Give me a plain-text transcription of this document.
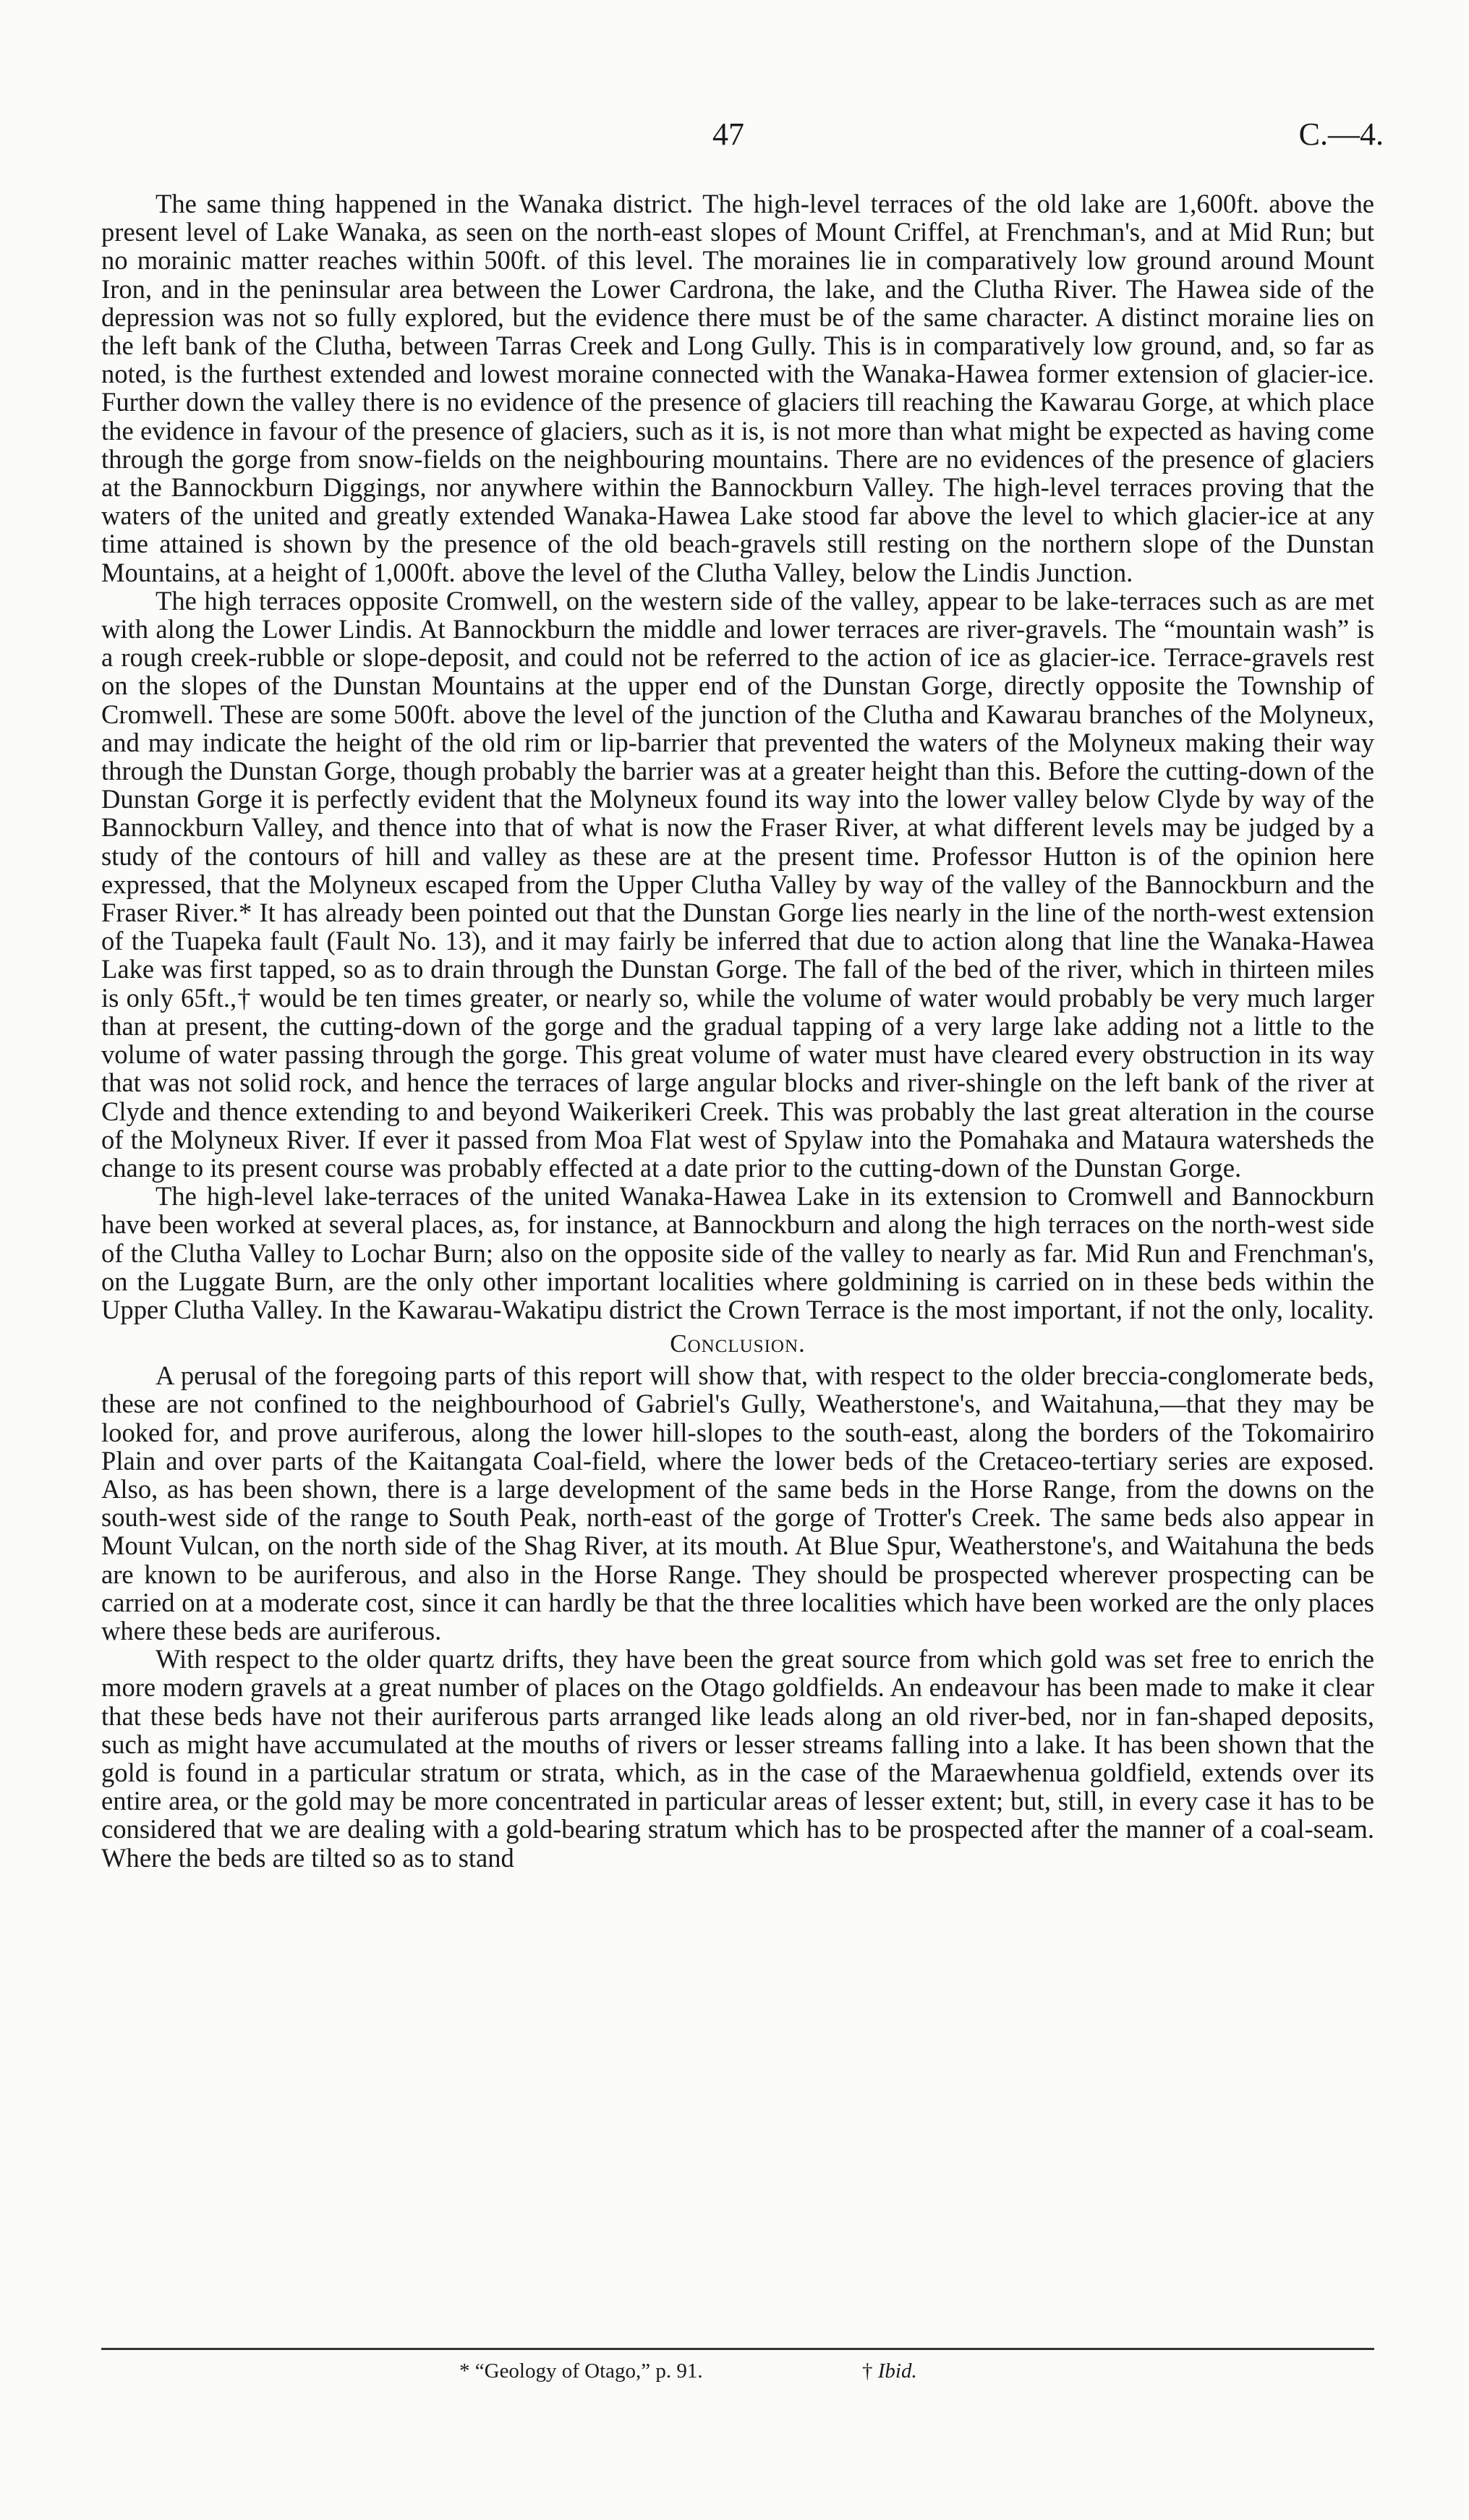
47	C.—4.

The same thing happened in the Wanaka district. The high-level terraces of the old lake are 1,600ft. above the present level of Lake Wanaka, as seen on the north-east slopes of Mount Criffel, at Frenchman's, and at Mid Run; but no morainic matter reaches within 500ft. of this level. The moraines lie in comparatively low ground around Mount Iron, and in the peninsular area between the Lower Cardrona, the lake, and the Clutha River. The Hawea side of the depression was not so fully explored, but the evidence there must be of the same character. A distinct moraine lies on the left bank of the Clutha, between Tarras Creek and Long Gully. This is in comparatively low ground, and, so far as noted, is the furthest extended and lowest moraine connected with the Wanaka-Hawea former extension of glacier-ice. Further down the valley there is no evidence of the presence of glaciers till reaching the Kawarau Gorge, at which place the evidence in favour of the presence of glaciers, such as it is, is not more than what might be expected as having come through the gorge from snow-fields on the neighbouring mountains. There are no evidences of the presence of glaciers at the Bannockburn Diggings, nor anywhere within the Bannockburn Valley. The high-level terraces proving that the waters of the united and greatly extended Wanaka-Hawea Lake stood far above the level to which glacier-ice at any time attained is shown by the presence of the old beach-gravels still resting on the northern slope of the Dunstan Mountains, at a height of 1,000ft. above the level of the Clutha Valley, below the Lindis Junction.

The high terraces opposite Cromwell, on the western side of the valley, appear to be lake-terraces such as are met with along the Lower Lindis. At Bannockburn the middle and lower terraces are river-gravels. The “mountain wash” is a rough creek-rubble or slope-deposit, and could not be referred to the action of ice as glacier-ice. Terrace-gravels rest on the slopes of the Dunstan Mountains at the upper end of the Dunstan Gorge, directly opposite the Township of Cromwell. These are some 500ft. above the level of the junction of the Clutha and Kawarau branches of the Molyneux, and may indicate the height of the old rim or lip-barrier that prevented the waters of the Molyneux making their way through the Dunstan Gorge, though probably the barrier was at a greater height than this. Before the cutting-down of the Dunstan Gorge it is perfectly evident that the Molyneux found its way into the lower valley below Clyde by way of the Bannockburn Valley, and thence into that of what is now the Fraser River, at what different levels may be judged by a study of the contours of hill and valley as these are at the present time. Professor Hutton is of the opinion here expressed, that the Molyneux escaped from the Upper Clutha Valley by way of the valley of the Bannockburn and the Fraser River.* It has already been pointed out that the Dunstan Gorge lies nearly in the line of the north-west extension of the Tuapeka fault (Fault No. 13), and it may fairly be inferred that due to action along that line the Wanaka-Hawea Lake was first tapped, so as to drain through the Dunstan Gorge. The fall of the bed of the river, which in thirteen miles is only 65ft.,† would be ten times greater, or nearly so, while the volume of water would probably be very much larger than at present, the cutting-down of the gorge and the gradual tapping of a very large lake adding not a little to the volume of water passing through the gorge. This great volume of water must have cleared every obstruction in its way that was not solid rock, and hence the terraces of large angular blocks and river-shingle on the left bank of the river at Clyde and thence extending to and beyond Waikerikeri Creek. This was probably the last great alteration in the course of the Molyneux River. If ever it passed from Moa Flat west of Spylaw into the Pomahaka and Mataura watersheds the change to its present course was probably effected at a date prior to the cutting-down of the Dunstan Gorge.

The high-level lake-terraces of the united Wanaka-Hawea Lake in its extension to Cromwell and Bannockburn have been worked at several places, as, for instance, at Bannockburn and along the high terraces on the north-west side of the Clutha Valley to Lochar Burn; also on the opposite side of the valley to nearly as far. Mid Run and Frenchman's, on the Luggate Burn, are the only other important localities where goldmining is carried on in these beds within the Upper Clutha Valley. In the Kawarau-Wakatipu district the Crown Terrace is the most important, if not the only, locality.

Conclusion.

A perusal of the foregoing parts of this report will show that, with respect to the older breccia-conglomerate beds, these are not confined to the neighbourhood of Gabriel's Gully, Weatherstone's, and Waitahuna,—that they may be looked for, and prove auriferous, along the lower hill-slopes to the south-east, along the borders of the Tokomairiro Plain and over parts of the Kaitangata Coal-field, where the lower beds of the Cretaceo-tertiary series are exposed. Also, as has been shown, there is a large development of the same beds in the Horse Range, from the downs on the south-west side of the range to South Peak, north-east of the gorge of Trotter's Creek. The same beds also appear in Mount Vulcan, on the north side of the Shag River, at its mouth. At Blue Spur, Weatherstone's, and Waitahuna the beds are known to be auriferous, and also in the Horse Range. They should be prospected wherever prospecting can be carried on at a moderate cost, since it can hardly be that the three localities which have been worked are the only places where these beds are auriferous.

With respect to the older quartz drifts, they have been the great source from which gold was set free to enrich the more modern gravels at a great number of places on the Otago goldfields. An endeavour has been made to make it clear that these beds have not their auriferous parts arranged like leads along an old river-bed, nor in fan-shaped deposits, such as might have accumulated at the mouths of rivers or lesser streams falling into a lake. It has been shown that the gold is found in a particular stratum or strata, which, as in the case of the Maraewhenua goldfield, extends over its entire area, or the gold may be more concentrated in particular areas of lesser extent; but, still, in every case it has to be considered that we are dealing with a gold-bearing stratum which has to be prospected after the manner of a coal-seam. Where the beds are tilted so as to stand

* “Geology of Otago,” p. 91.	† Ibid.
